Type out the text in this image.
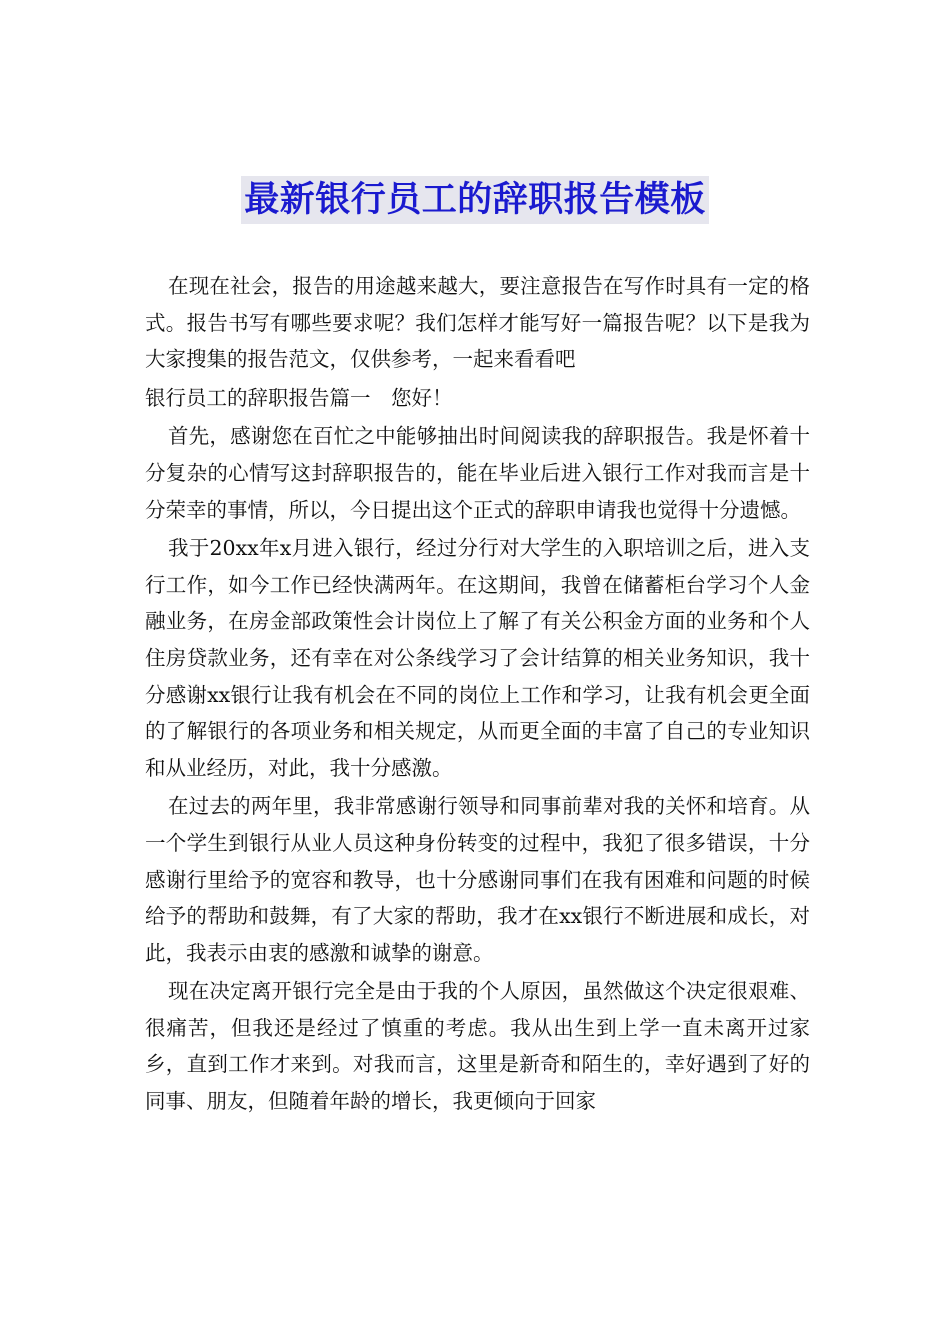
最新银行员工的辞职报告模板

在现在社会，报告的用途越来越大，要注意报告在写作时具有一定的格式。报告书写有哪些要求呢？我们怎样才能写好一篇报告呢？以下是我为大家搜集的报告范文，仅供参考，一起来看看吧

银行员工的辞职报告篇一　您好！

首先，感谢您在百忙之中能够抽出时间阅读我的辞职报告。我是怀着十分复杂的心情写这封辞职报告的，能在毕业后进入银行工作对我而言是十分荣幸的事情，所以，今日提出这个正式的辞职申请我也觉得十分遗憾。

我于20xx年x月进入银行，经过分行对大学生的入职培训之后，进入支行工作，如今工作已经快满两年。在这期间，我曾在储蓄柜台学习个人金融业务，在房金部政策性会计岗位上了解了有关公积金方面的业务和个人住房贷款业务，还有幸在对公条线学习了会计结算的相关业务知识，我十分感谢xx银行让我有机会在不同的岗位上工作和学习，让我有机会更全面的了解银行的各项业务和相关规定，从而更全面的丰富了自己的专业知识和从业经历，对此，我十分感激。

在过去的两年里，我非常感谢行领导和同事前辈对我的关怀和培育。从一个学生到银行从业人员这种身份转变的过程中，我犯了很多错误，十分感谢行里给予的宽容和教导，也十分感谢同事们在我有困难和问题的时候给予的帮助和鼓舞，有了大家的帮助，我才在xx银行不断进展和成长，对此，我表示由衷的感激和诚挚的谢意。

现在决定离开银行完全是由于我的个人原因，虽然做这个决定很艰难、很痛苦，但我还是经过了慎重的考虑。我从出生到上学一直未离开过家乡，直到工作才来到。对我而言，这里是新奇和陌生的，幸好遇到了好的同事、朋友，但随着年龄的增长，我更倾向于回家
